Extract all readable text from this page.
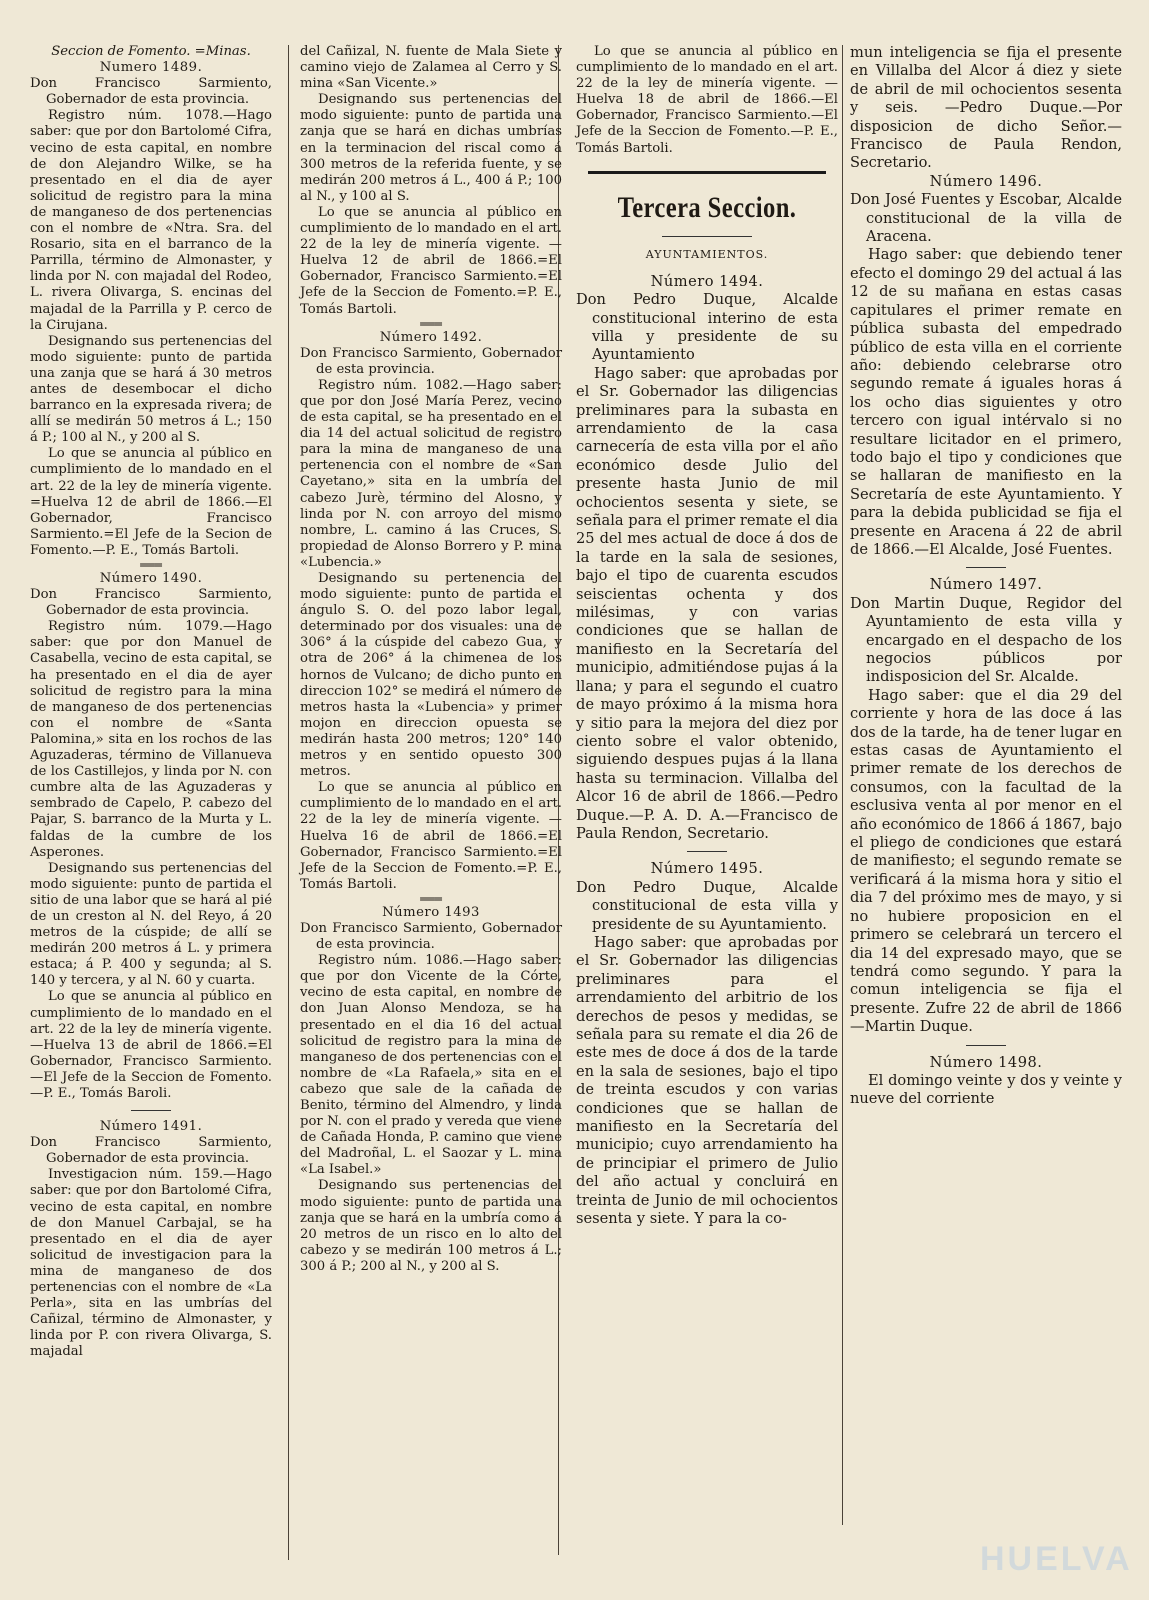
Seccion de Fomento. =Minas.

Numero 1489.

Don Francisco Sarmiento, Gobernador de esta provincia.

Registro núm. 1078.—Hago saber: que por don Bartolomé Cifra, vecino de esta capital, en nombre de don Alejandro Wilke, se ha presentado en el dia de ayer solicitud de registro para la mina de manganeso de dos pertenencias con el nombre de «Ntra. Sra. del Rosario, sita en el barranco de la Parrilla, término de Almonaster, y linda por N. con majadal del Rodeo, L. rivera Olivarga, S. encinas del majadal de la Parrilla y P. cerco de la Cirujana.

Designando sus pertenencias del modo siguiente: punto de partida una zanja que se hará á 30 metros antes de desembocar el dicho barranco en la expresada rivera; de allí se medirán 50 metros á L.; 150 á P.; 100 al N., y 200 al S.

Lo que se anuncia al público en cumplimiento de lo mandado en el art. 22 de la ley de minería vigente. =Huelva 12 de abril de 1866.—El Gobernador, Francisco Sarmiento.=El Jefe de la Secion de Fomento.—P. E., Tomás Bartoli.

═══

Número 1490.

Don Francisco Sarmiento, Gobernador de esta provincia.

Registro núm. 1079.—Hago saber: que por don Manuel de Casabella, vecino de esta capital, se ha presentado en el dia de ayer solicitud de registro para la mina de manganeso de dos pertenencias con el nombre de «Santa Palomina,» sita en los rochos de las Aguzaderas, término de Villanueva de los Castillejos, y linda por N. con cumbre alta de las Aguzaderas y sembrado de Capelo, P. cabezo del Pajar, S. barranco de la Murta y L. faldas de la cumbre de los Asperones.

Designando sus pertenencias del modo siguiente: punto de partida el sitio de una labor que se hará al pié de un creston al N. del Reyo, á 20 metros de la cúspide; de allí se medirán 200 metros á L. y primera estaca; á P. 400 y segunda; al S. 140 y tercera, y al N. 60 y cuarta.

Lo que se anuncia al público en cumplimiento de lo mandado en el art. 22 de la ley de minería vigente. —Huelva 13 de abril de 1866.=El Gobernador, Francisco Sarmiento.—El Jefe de la Seccion de Fomento.—P. E., Tomás Baroli.

Número 1491.

Don Francisco Sarmiento, Gobernador de esta provincia.

Investigacion núm. 159.—Hago saber: que por don Bartolomé Cifra, vecino de esta capital, en nombre de don Manuel Carbajal, se ha presentado en el dia de ayer solicitud de investigacion para la mina de manganeso de dos pertenencias con el nombre de «La Perla», sita en las umbrías del Cañizal, término de Almonaster, y linda por P. con rivera Olivarga, S. majadal

del Cañizal, N. fuente de Mala Siete y camino viejo de Zalamea al Cerro y S. mina «San Vicente.»

Designando sus pertenencias del modo siguiente: punto de partida una zanja que se hará en dichas umbrías en la terminacion del riscal como á 300 metros de la referida fuente, y se medirán 200 metros á L., 400 á P.; 100 al N., y 100 al S.

Lo que se anuncia al público en cumplimiento de lo mandado en el art. 22 de la ley de minería vigente. —Huelva 12 de abril de 1866.=El Gobernador, Francisco Sarmiento.=El Jefe de la Seccion de Fomento.=P. E., Tomás Bartoli.

═══

Número 1492.

Don Francisco Sarmiento, Gobernador de esta provincia.

Registro núm. 1082.—Hago saber: que por don José María Perez, vecino de esta capital, se ha presentado en el dia 14 del actual solicitud de registro para la mina de manganeso de una pertenencia con el nombre de «San Cayetano,» sita en la umbría del cabezo Jurè, término del Alosno, y linda por N. con arroyo del mismo nombre, L. camino á las Cruces, S. propiedad de Alonso Borrero y P. mina «Lubencia.»

Designando su pertenencia del modo siguiente: punto de partida el ángulo S. O. del pozo labor legal, determinado por dos visuales: una de 306° á la cúspide del cabezo Gua, y otra de 206° á la chimenea de los hornos de Vulcano; de dicho punto en direccion 102° se medirá el número de metros hasta la «Lubencia» y primer mojon en direccion opuesta se medirán hasta 200 metros; 120° 140 metros y en sentido opuesto 300 metros.

Lo que se anuncia al público en cumplimiento de lo mandado en el art. 22 de la ley de minería vigente. —Huelva 16 de abril de 1866.=El Gobernador, Francisco Sarmiento.=El Jefe de la Seccion de Fomento.=P. E., Tomás Bartoli.

═══

Número 1493

Don Francisco Sarmiento, Gobernador de esta provincia.

Registro núm. 1086.—Hago saber: que por don Vicente de la Córte, vecino de esta capital, en nombre de don Juan Alonso Mendoza, se ha presentado en el dia 16 del actual solicitud de registro para la mina de manganeso de dos pertenencias con el nombre de «La Rafaela,» sita en el cabezo que sale de la cañada de Benito, término del Almendro, y linda por N. con el prado y vereda que viene de Cañada Honda, P. camino que viene del Madroñal, L. el Saozar y L. mina «La Isabel.»

Designando sus pertenencias del modo siguiente: punto de partida una zanja que se hará en la umbría como á 20 metros de un risco en lo alto del cabezo y se medirán 100 metros á L.; 300 á P.; 200 al N., y 200 al S.

Lo que se anuncia al público en cumplimiento de lo mandado en el art. 22 de la ley de minería vigente. —Huelva 18 de abril de 1866.—El Gobernador, Francisco Sarmiento.—El Jefe de la Seccion de Fomento.—P. E., Tomás Bartoli.

Tercera Seccion.
AYUNTAMIENTOS.

Número 1494.

Don Pedro Duque, Alcalde constitucional interino de esta villa y presidente de su Ayuntamiento

Hago saber: que aprobadas por el Sr. Gobernador las diligencias preliminares para la subasta en arrendamiento de la casa carnecería de esta villa por el año económico desde Julio del presente hasta Junio de mil ochocientos sesenta y siete, se señala para el primer remate el dia 25 del mes actual de doce á dos de la tarde en la sala de sesiones, bajo el tipo de cuarenta escudos seiscientas ochenta y dos milésimas, y con varias condiciones que se hallan de manifiesto en la Secretaría del municipio, admitiéndose pujas á la llana; y para el segundo el cuatro de mayo próximo á la misma hora y sitio para la mejora del diez por ciento sobre el valor obtenido, siguiendo despues pujas á la llana hasta su terminacion. Villalba del Alcor 16 de abril de 1866.—Pedro Duque.—P. A. D. A.—Francisco de Paula Rendon, Secretario.

Número 1495.

Don Pedro Duque, Alcalde constitucional de esta villa y presidente de su Ayuntamiento.

Hago saber: que aprobadas por el Sr. Gobernador las diligencias preliminares para el arrendamiento del arbitrio de los derechos de pesos y medidas, se señala para su remate el dia 26 de este mes de doce á dos de la tarde en la sala de sesiones, bajo el tipo de treinta escudos y con varias condiciones que se hallan de manifiesto en la Secretaría del municipio; cuyo arrendamiento ha de principiar el primero de Julio del año actual y concluirá en treinta de Junio de mil ochocientos sesenta y siete. Y para la co-

mun inteligencia se fija el presente en Villalba del Alcor á diez y siete de abril de mil ochocientos sesenta y seis. —Pedro Duque.—Por disposicion de dicho Señor.—Francisco de Paula Rendon, Secretario.

Número 1496.

Don José Fuentes y Escobar, Alcalde constitucional de la villa de Aracena.

Hago saber: que debiendo tener efecto el domingo 29 del actual á las 12 de su mañana en estas casas capitulares el primer remate en pública subasta del empedrado público de esta villa en el corriente año: debiendo celebrarse otro segundo remate á iguales horas á los ocho dias siguientes y otro tercero con igual intérvalo si no resultare licitador en el primero, todo bajo el tipo y condiciones que se hallaran de manifiesto en la Secretaría de este Ayuntamiento. Y para la debida publicidad se fija el presente en Aracena á 22 de abril de 1866.—El Alcalde, José Fuentes.

Número 1497.

Don Martin Duque, Regidor del Ayuntamiento de esta villa y encargado en el despacho de los negocios públicos por indisposicion del Sr. Alcalde.

Hago saber: que el dia 29 del corriente y hora de las doce á las dos de la tarde, ha de tener lugar en estas casas de Ayuntamiento el primer remate de los derechos de consumos, con la facultad de la esclusiva venta al por menor en el año económico de 1866 á 1867, bajo el pliego de condiciones que estará de manifiesto; el segundo remate se verificará á la misma hora y sitio el dia 7 del próximo mes de mayo, y si no hubiere proposicion en el primero se celebrará un tercero el dia 14 del expresado mayo, que se tendrá como segundo. Y para la comun inteligencia se fija el presente. Zufre 22 de abril de 1866 —Martin Duque.

Número 1498.

El domingo veinte y dos y veinte y nueve del corriente

HUELVA
